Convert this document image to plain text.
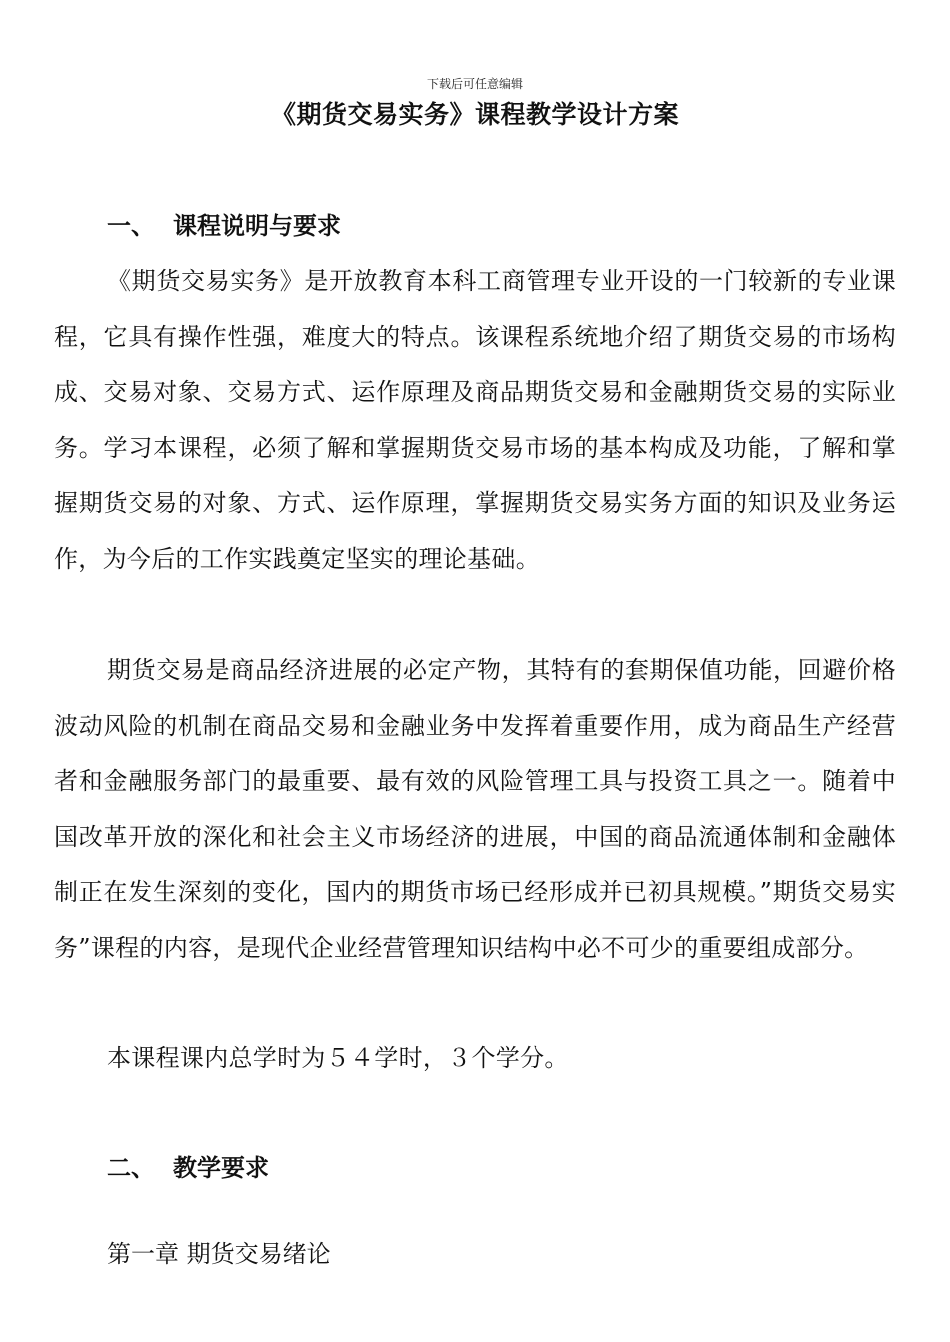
下载后可任意编辑
《期货交易实务》课程教学设计方案
一、 课程说明与要求

《期货交易实务》是开放教育本科工商管理专业开设的一门较新的专业课程，它具有操作性强，难度大的特点。该课程系统地介绍了期货交易的市场构成、交易对象、交易方式、运作原理及商品期货交易和金融期货交易的实际业务。学习本课程，必须了解和掌握期货交易市场的基本构成及功能，了解和掌握期货交易的对象、方式、运作原理，掌握期货交易实务方面的知识及业务运作，为今后的工作实践奠定坚实的理论基础。

期货交易是商品经济进展的必定产物，其特有的套期保值功能，回避价格波动风险的机制在商品交易和金融业务中发挥着重要作用，成为商品生产经营者和金融服务部门的最重要、最有效的风险管理工具与投资工具之一。随着中国改革开放的深化和社会主义市场经济的进展，中国的商品流通体制和金融体制正在发生深刻的变化，国内的期货市场已经形成并已初具规模。”期货交易实务”课程的内容，是现代企业经营管理知识结构中必不可少的重要组成部分。

本课程课内总学时为５４学时，３个学分。

二、 教学要求
第一章 期货交易绪论
